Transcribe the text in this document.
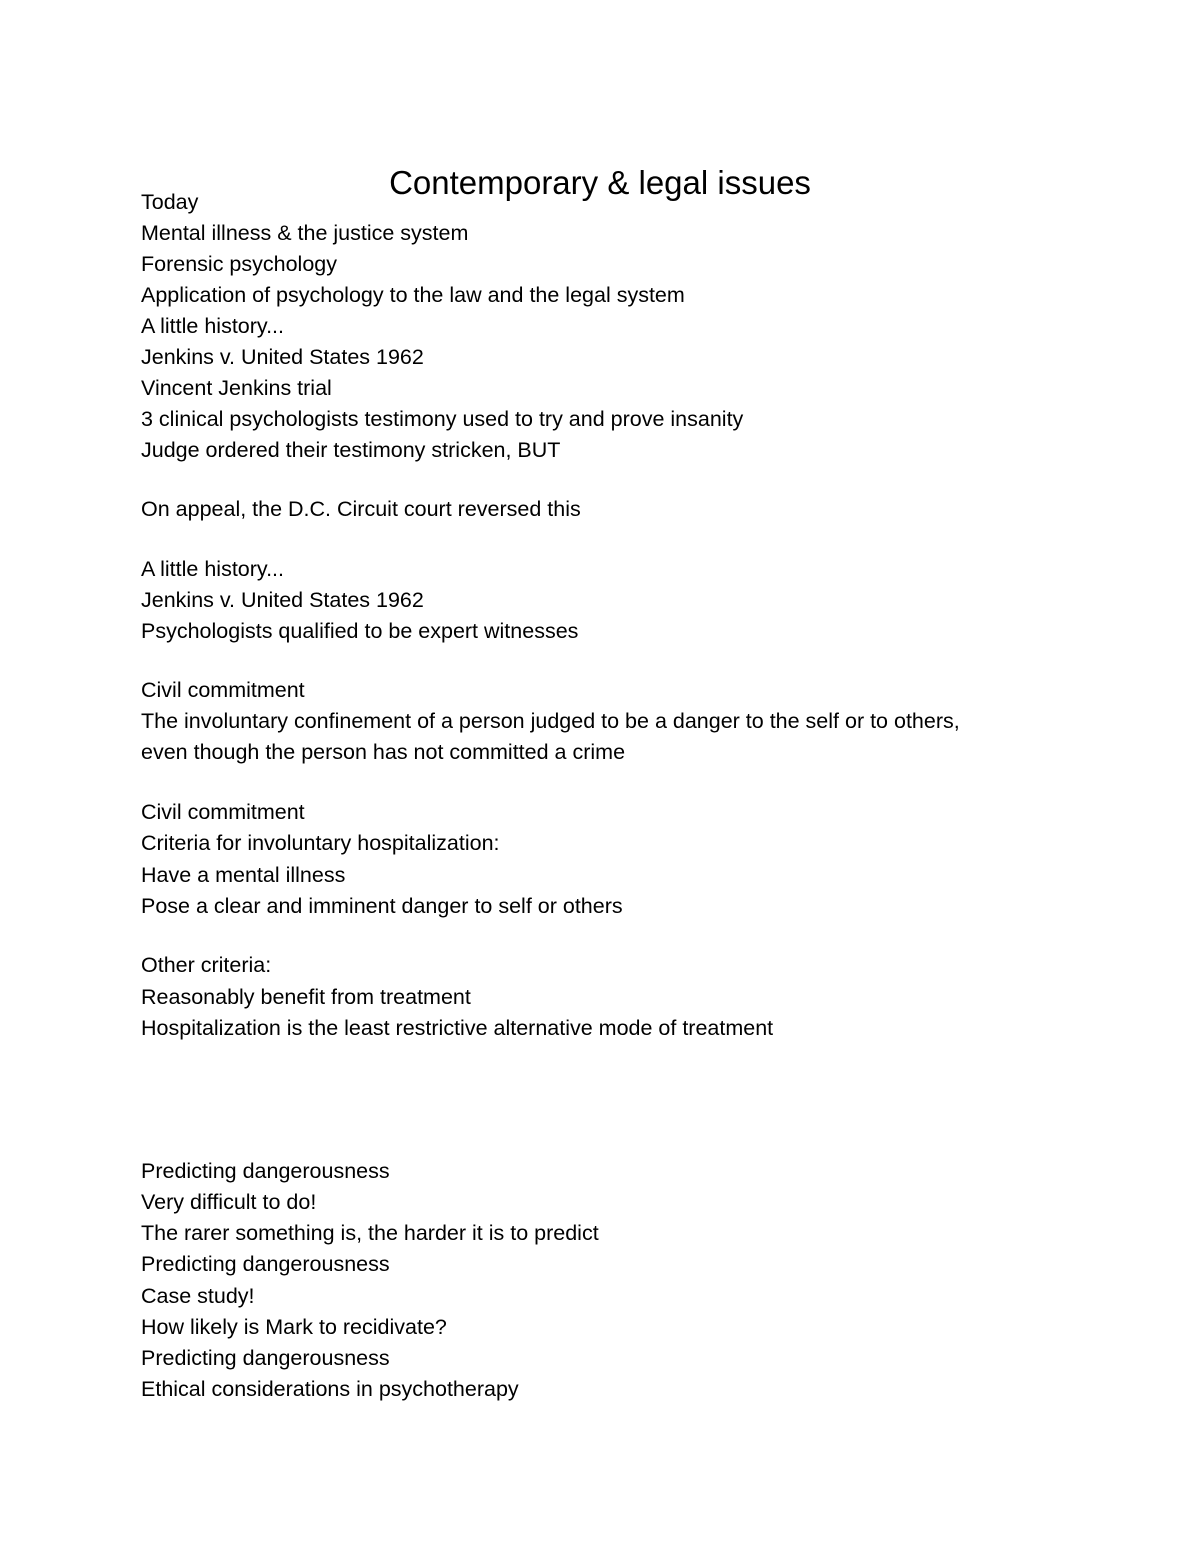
Contemporary & legal issues
Today
Mental illness & the justice system
Forensic psychology
Application of psychology to the law and the legal system
A little history...
Jenkins v. United States 1962
Vincent Jenkins trial
3 clinical psychologists testimony used to try and prove insanity
Judge ordered their testimony stricken, BUT
On appeal, the D.C. Circuit court reversed this
A little history...
Jenkins v. United States 1962
Psychologists qualified to be expert witnesses
Civil commitment
The involuntary confinement of a person judged to be a danger to the self or to others,
even though the person has not committed a crime
Civil commitment
Criteria for involuntary hospitalization:
Have a mental illness
Pose a clear and imminent danger to self or others
Other criteria:
Reasonably benefit from treatment
Hospitalization is the least restrictive alternative mode of treatment
Predicting dangerousness
Very difficult to do!
The rarer something is, the harder it is to predict
Predicting dangerousness
Case study!
How likely is Mark to recidivate?
Predicting dangerousness
Ethical considerations in psychotherapy
